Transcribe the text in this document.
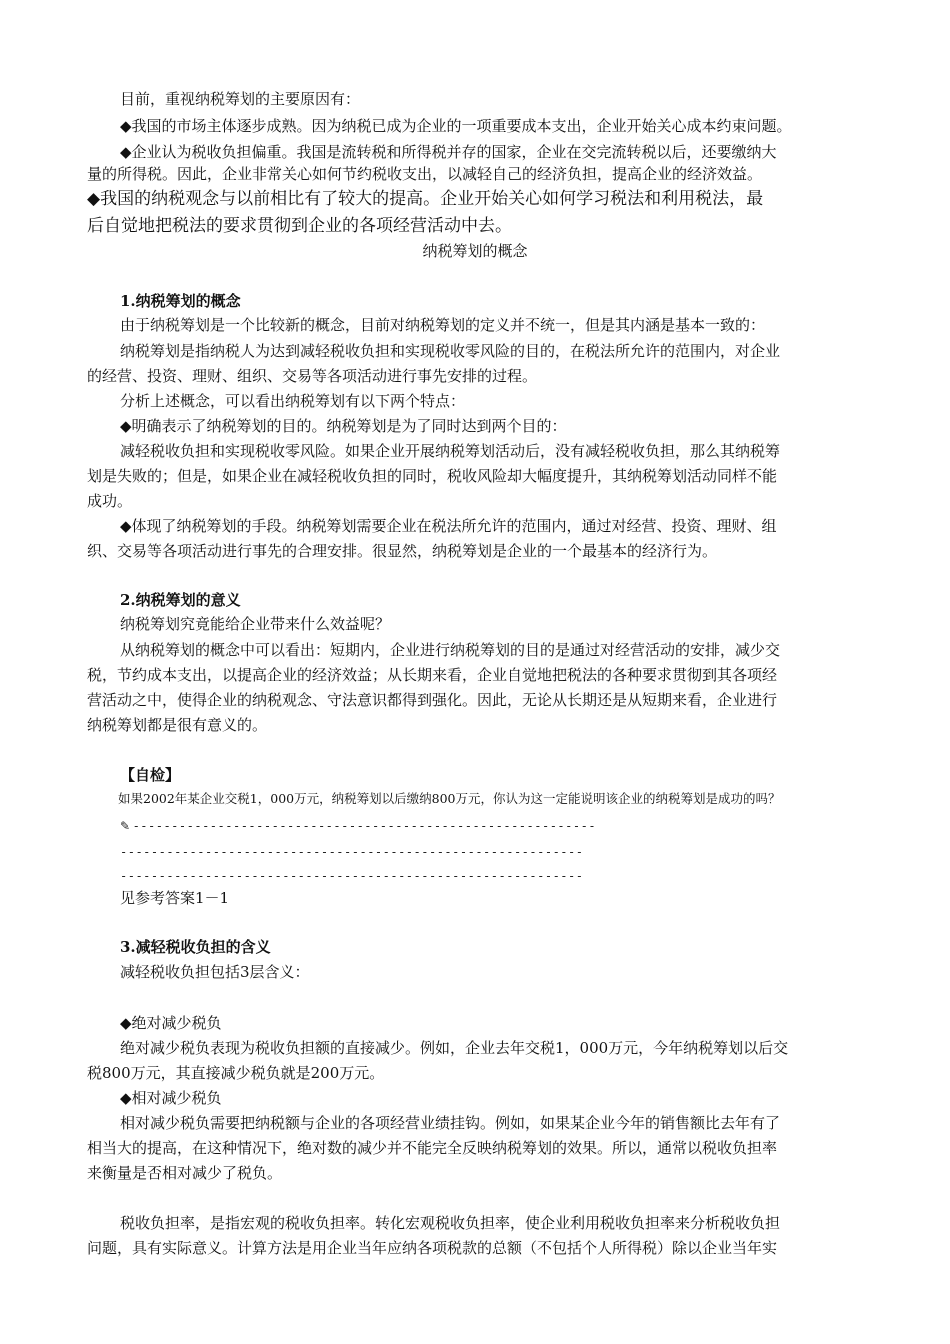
目前，重视纳税筹划的主要原因有：
◆我国的市场主体逐步成熟。因为纳税已成为企业的一项重要成本支出，企业开始关心成本约束问题。
◆企业认为税收负担偏重。我国是流转税和所得税并存的国家，企业在交完流转税以后，还要缴纳大
量的所得税。因此，企业非常关心如何节约税收支出，以减轻自己的经济负担，提高企业的经济效益。
◆我国的纳税观念与以前相比有了较大的提高。企业开始关心如何学习税法和利用税法，最
后自觉地把税法的要求贯彻到企业的各项经营活动中去。
纳税筹划的概念
1.纳税筹划的概念
由于纳税筹划是一个比较新的概念，目前对纳税筹划的定义并不统一，但是其内涵是基本一致的：
纳税筹划是指纳税人为达到减轻税收负担和实现税收零风险的目的，在税法所允许的范围内，对企业
的经营、投资、理财、组织、交易等各项活动进行事先安排的过程。
分析上述概念，可以看出纳税筹划有以下两个特点：
◆明确表示了纳税筹划的目的。纳税筹划是为了同时达到两个目的：
减轻税收负担和实现税收零风险。如果企业开展纳税筹划活动后，没有减轻税收负担，那么其纳税筹
划是失败的；但是，如果企业在减轻税收负担的同时，税收风险却大幅度提升，其纳税筹划活动同样不能
成功。
◆体现了纳税筹划的手段。纳税筹划需要企业在税法所允许的范围内，通过对经营、投资、理财、组
织、交易等各项活动进行事先的合理安排。很显然，纳税筹划是企业的一个最基本的经济行为。
2.纳税筹划的意义
纳税筹划究竟能给企业带来什么效益呢？
从纳税筹划的概念中可以看出：短期内，企业进行纳税筹划的目的是通过对经营活动的安排，减少交
税，节约成本支出，以提高企业的经济效益；从长期来看，企业自觉地把税法的各种要求贯彻到其各项经
营活动之中，使得企业的纳税观念、守法意识都得到强化。因此，无论从长期还是从短期来看，企业进行
纳税筹划都是很有意义的。
【自检】
如果2002年某企业交税1，000万元，纳税筹划以后缴纳800万元，你认为这一定能说明该企业的纳税筹划是成功的吗？
✎ ------------------------------------------------------------
------------------------------------------------------------
------------------------------------------------------------
见参考答案1－1
3.减轻税收负担的含义
减轻税收负担包括3层含义：
◆绝对减少税负
绝对减少税负表现为税收负担额的直接减少。例如，企业去年交税1，000万元，今年纳税筹划以后交
税800万元，其直接减少税负就是200万元。
◆相对减少税负
相对减少税负需要把纳税额与企业的各项经营业绩挂钩。例如，如果某企业今年的销售额比去年有了
相当大的提高，在这种情况下，绝对数的减少并不能完全反映纳税筹划的效果。所以，通常以税收负担率
来衡量是否相对减少了税负。
税收负担率，是指宏观的税收负担率。转化宏观税收负担率，使企业利用税收负担率来分析税收负担
问题，具有实际意义。计算方法是用企业当年应纳各项税款的总额（不包括个人所得税）除以企业当年实
